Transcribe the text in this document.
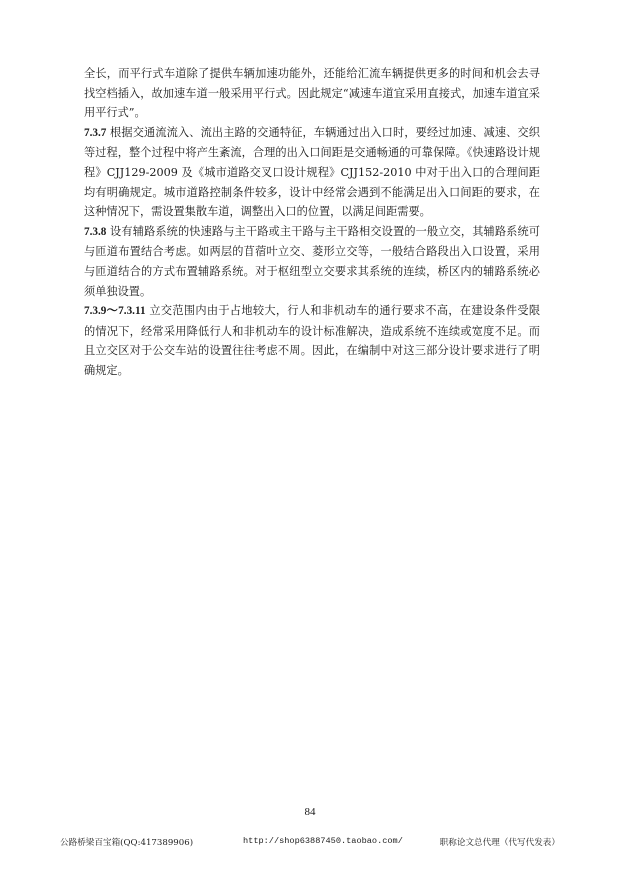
全长，而平行式车道除了提供车辆加速功能外，还能给汇流车辆提供更多的时间和机会去寻找空档插入，故加速车道一般采用平行式。因此规定“减速车道宜采用直接式，加速车道宜采用平行式”。

7.3.7 根据交通流流入、流出主路的交通特征，车辆通过出入口时，要经过加速、减速、交织等过程，整个过程中将产生紊流，合理的出入口间距是交通畅通的可靠保障。《快速路设计规程》CJJ129-2009 及《城市道路交叉口设计规程》CJJ152-2010 中对于出入口的合理间距均有明确规定。城市道路控制条件较多，设计中经常会遇到不能满足出入口间距的要求，在这种情况下，需设置集散车道，调整出入口的位置，以满足间距需要。

7.3.8 设有辅路系统的快速路与主干路或主干路与主干路相交设置的一般立交，其辅路系统可与匝道布置结合考虑。如两层的苜蓿叶立交、菱形立交等，一般结合路段出入口设置，采用与匝道结合的方式布置辅路系统。对于枢纽型立交要求其系统的连续，桥区内的辅路系统必须单独设置。

7.3.9～7.3.11 立交范围内由于占地较大，行人和非机动车的通行要求不高，在建设条件受限的情况下，经常采用降低行人和非机动车的设计标准解决，造成系统不连续或宽度不足。而且立交区对于公交车站的设置往往考虑不周。因此，在编制中对这三部分设计要求进行了明确规定。

84
公路桥梁百宝箱(QQ:417389906)	http://shop63887450.taobao.com/	职称论文总代理（代写代发表）
